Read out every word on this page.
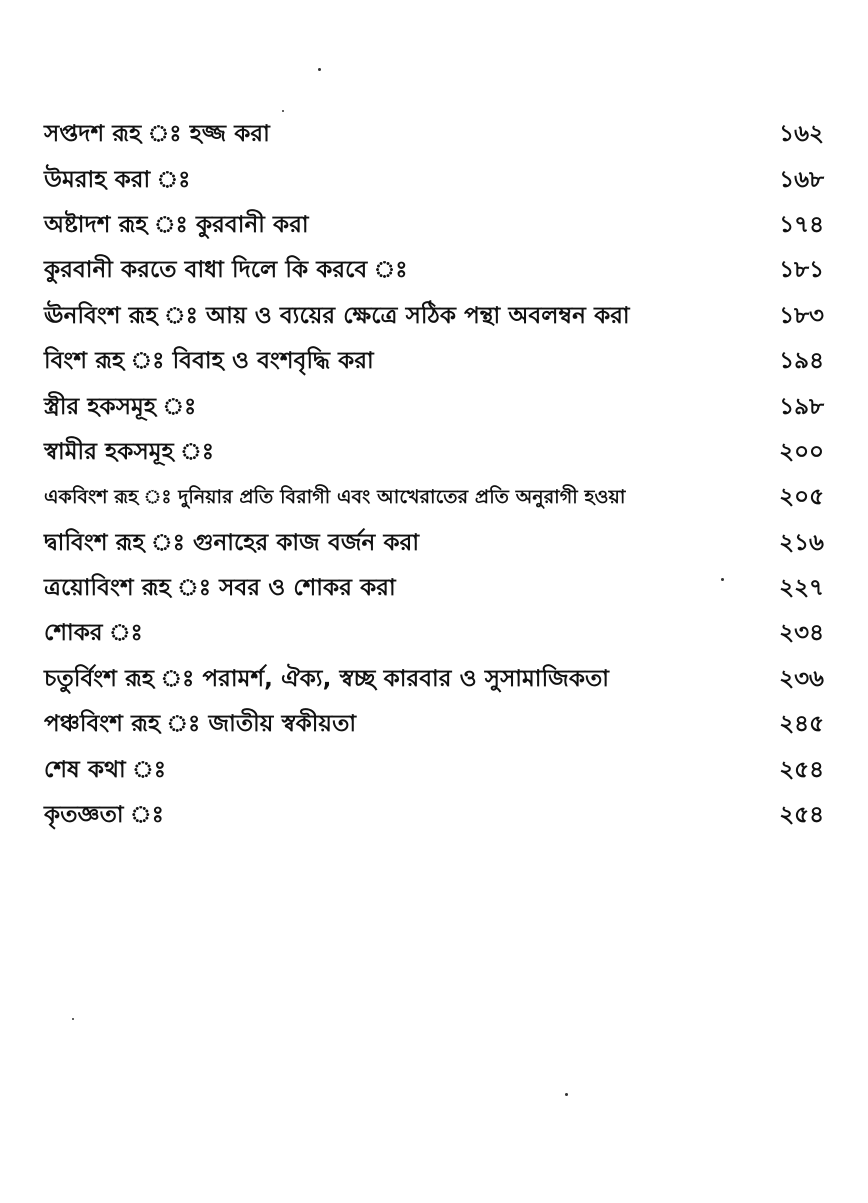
সপ্তদশ রূহ ঃ হজ্জ করা	১৬২
উমরাহ করা ঃ	১৬৮
অষ্টাদশ রূহ ঃ কুরবানী করা	১৭৪
কুরবানী করতে বাধা দিলে কি করবে ঃ	১৮১
ঊনবিংশ রূহ ঃ আয় ও ব্যয়ের ক্ষেত্রে সঠিক পন্থা অবলম্বন করা	১৮৩
বিংশ রূহ ঃ বিবাহ ও বংশবৃদ্ধি করা	১৯৪
স্ত্রীর হকসমূহ ঃ	১৯৮
স্বামীর হকসমূহ ঃ	২০০
একবিংশ রূহ ঃ দুনিয়ার প্রতি বিরাগী এবং আখেরাতের প্রতি অনুরাগী হওয়া	২০৫
দ্বাবিংশ রূহ ঃ গুনাহের কাজ বর্জন করা	২১৬
ত্রয়োবিংশ রূহ ঃ সবর ও শোকর করা	২২৭
শোকর ঃ	২৩৪
চতুর্বিংশ রূহ ঃ পরামর্শ, ঐক্য, স্বচ্ছ কারবার ও সুসামাজিকতা	২৩৬
পঞ্চবিংশ রূহ ঃ জাতীয় স্বকীয়তা	২৪৫
শেষ কথা ঃ	২৫৪
কৃতজ্ঞতা ঃ	২৫৪
